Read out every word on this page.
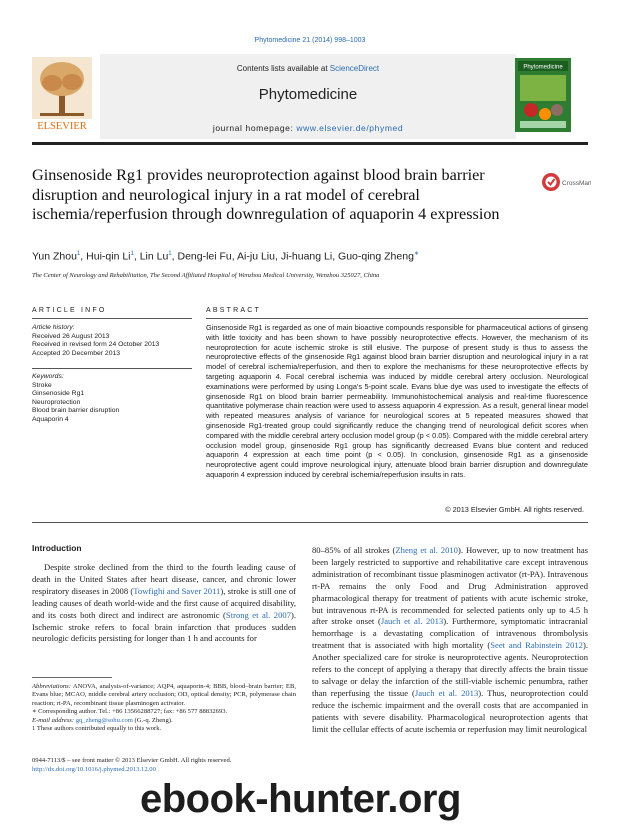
Phytomedicine 21 (2014) 998–1003
ELSEVIER
Phytomedicine
Contents lists available at ScienceDirect
Phytomedicine
journal homepage: www.elsevier.de/phymed
Ginsenoside Rg1 provides neuroprotection against blood brain barrier disruption and neurological injury in a rat model of cerebral ischemia/reperfusion through downregulation of aquaporin 4 expression
CrossMark
Yun Zhou$^1$, Hui-qin Li$^1$, Lin Lu$^1$, Deng-lei Fu, Ai-ju Liu, Ji-huang Li, Guo-qing Zheng∗
The Center of Neurology and Rehabilitation, The Second Affiliated Hospital of Wenzhou Medical University, Wenzhou 325027, China
ARTICLE INFO	ABSTRACT
Article history:
Received 26 August 2013
Received in revised form 24 October 2013
Accepted 20 December 2013
Keywords:
Stroke
Ginsenoside Rg1
Neuroprotection
Blood brain barrier disruption
Aquaporin 4
Ginsenoside Rg1 is regarded as one of main bioactive compounds responsible for pharmaceutical actions of ginseng with little toxicity and has been shown to have possibly neuroprotective effects. However, the mechanism of its neuroprotection for acute ischemic stroke is still elusive. The purpose of present study is thus to assess the neuroprotective effects of the ginsenoside Rg1 against blood brain barrier disruption and neurological injury in a rat model of cerebral ischemia/reperfusion, and then to explore the mechanisms for these neuroprotective effects by targeting aquaporin 4. Focal cerebral ischemia was induced by middle cerebral artery occlusion. Neurological examinations were performed by using Longa's 5-point scale. Evans blue dye was used to investigate the effects of ginsenoside Rg1 on blood brain barrier permeability. Immunohistochemical analysis and real-time fluorescence quantitative polymerase chain reaction were used to assess aquaporin 4 expression. As a result, general linear model with repeated measures analysis of variance for neurological scores at 5 repeated measures showed that ginsenoside Rg1-treated group could significantly reduce the changing trend of neurological deficit scores when compared with the middle cerebral artery occlusion model group (p < 0.05). Compared with the middle cerebral artery occlusion model group, ginsenoside Rg1 group has significantly decreased Evans blue content and reduced aquaporin 4 expression at each time point (p < 0.05). In conclusion, ginsenoside Rg1 as a ginsenoside neuroprotective agent could improve neurological injury, attenuate blood brain barrier disruption and downregulate aquaporin 4 expression induced by cerebral ischemia/reperfusion insults in rats.
© 2013 Elsevier GmbH. All rights reserved.
Introduction
Despite stroke declined from the third to the fourth leading cause of death in the United States after heart disease, cancer, and chronic lower respiratory diseases in 2008 (Towfighi and Saver 2011), stroke is still one of leading causes of death world-wide and the first cause of acquired disability, and its costs both direct and indirect are astronomic (Strong et al. 2007). Ischemic stroke refers to focal brain infarction that produces sudden neurologic deficits persisting for longer than 1 h and accounts for
80–85% of all strokes (Zheng et al. 2010). However, up to now treatment has been largely restricted to supportive and rehabilitative care except intravenous administration of recombinant tissue plasminogen activator (rt-PA). Intravenous rt-PA remains the only Food and Drug Administration approved pharmacological therapy for treatment of patients with acute ischemic stroke, but intravenous rt-PA is recommended for selected patients only up to 4.5 h after stroke onset (Jauch et al. 2013). Furthermore, symptomatic intracranial hemorrhage is a devastating complication of intravenous thrombolysis treatment that is associated with high mortality (Seet and Rabinstein 2012). Another specialized care for stroke is neuroprotective agents. Neuroprotection refers to the concept of applying a therapy that directly affects the brain tissue to salvage or delay the infarction of the still-viable ischemic penumbra, rather than reperfusing the tissue (Jauch et al. 2013). Thus, neuroprotection could reduce the ischemic impairment and the overall costs that are accompanied in patients with severe disability. Pharmacological neuroprotection agents that limit the cellular effects of acute ischemia or reperfusion may limit neurological

Abbreviations: ANOVA, analysis-of-variance; AQP4, aquaporin-4; BBB, blood–brain barrier; EB, Evans blue; MCAO, middle cerebral artery occlusion; OD, optical density; PCR, polymerase chain reaction; rt-PA, recombinant tissue plasminogen activator.

∗ Corresponding author. Tel.: +86 13566288727; fax: +86 577 88832693.

E-mail address: gq_zheng@sohu.com (G.-q. Zheng).

1 These authors contributed equally to this work.

0944-7113/$ – see front matter © 2013 Elsevier GmbH. All rights reserved.
http://dx.doi.org/10.1016/j.phymed.2013.12.00
ebook-hunter.org
